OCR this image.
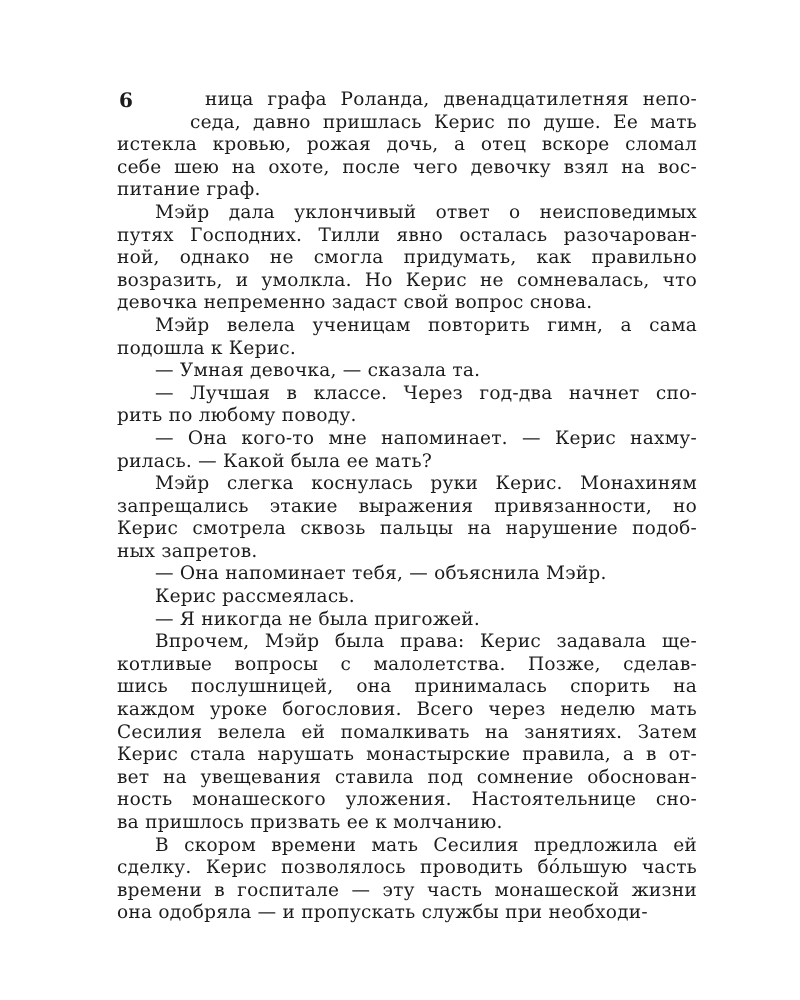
6	ница графа Роланда, двенадцатилетняя непо-
седа, давно пришлась Керис по душе. Ее мать
истекла кровью, рожая дочь, а отец вскоре сломал
себе шею на охоте, после чего девочку взял на вос-
питание граф.
Мэйр дала уклончивый ответ о неисповедимых
путях Господних. Тилли явно осталась разочарован-
ной, однако не смогла придумать, как правильно
возразить, и умолкла. Но Керис не сомневалась, что
девочка непременно задаст свой вопрос снова.
Мэйр велела ученицам повторить гимн, а сама
подошла к Керис.
— Умная девочка, — сказала та.
— Лучшая в классе. Через год-два начнет спо-
рить по любому поводу.
— Она кого-то мне напоминает. — Керис нахму-
рилась. — Какой была ее мать?
Мэйр слегка коснулась руки Керис. Монахиням
запрещались этакие выражения привязанности, но
Керис смотрела сквозь пальцы на нарушение подоб-
ных запретов.
— Она напоминает тебя, — объяснила Мэйр.
Керис рассмеялась.
— Я никогда не была пригожей.
Впрочем, Мэйр была права: Керис задавала ще-
котливые вопросы с малолетства. Позже, сделав-
шись послушницей, она принималась спорить на
каждом уроке богословия. Всего через неделю мать
Сесилия велела ей помалкивать на занятиях. Затем
Керис стала нарушать монастырские правила, а в от-
вет на увещевания ставила под сомнение обоснован-
ность монашеского уложения. Настоятельнице сно-
ва пришлось призвать ее к молчанию.
В скором времени мать Сесилия предложила ей
сделку. Керис позволялось проводить бо́льшую часть
времени в госпитале — эту часть монашеской жизни
она одобряла — и пропускать службы при необходи-
